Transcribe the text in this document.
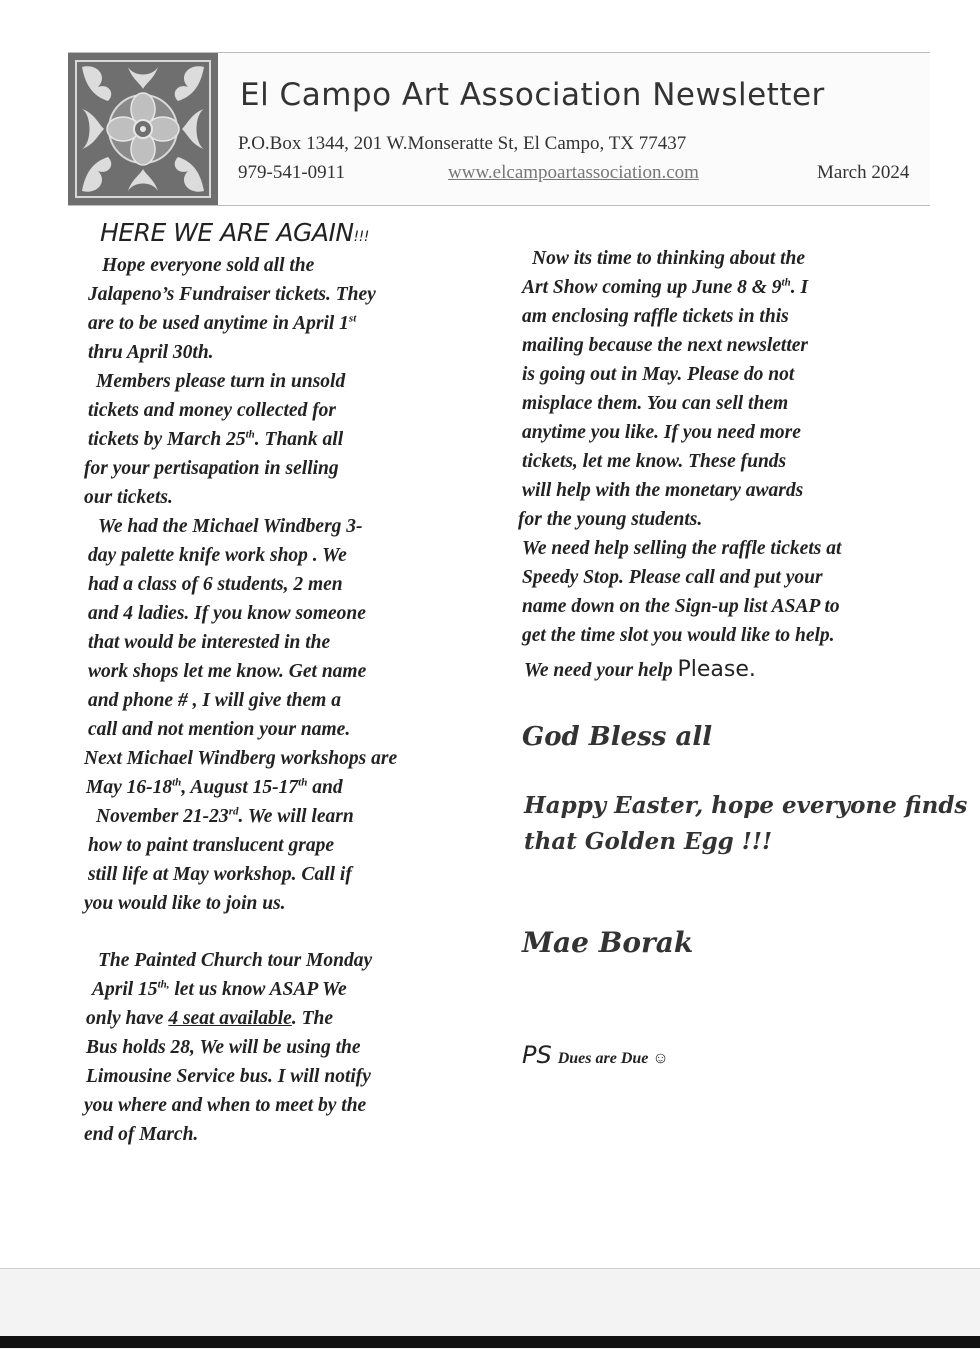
El Campo Art Association Newsletter
P.O.Box 1344, 201 W.Monseratte St, El Campo, TX 77437
979-541-0911	www.elcampoartassociation.com	March 2024
HERE WE ARE AGAIN!!!
Hope everyone sold all the
Jalapeno’s Fundraiser tickets. They
are to be used anytime in April 1st
thru April 30th.
Members please turn in unsold
tickets and money collected for
tickets by March 25th. Thank all
for your pertisapation in selling
our tickets.
We had the Michael Windberg 3-
day palette knife work shop . We
had a class of 6 students, 2 men
and 4 ladies. If you know someone
that would be interested in the
work shops let me know. Get name
and phone # , I will give them a
call and not mention your name.
Next Michael Windberg workshops are
May 16-18th, August 15-17th and
November 21-23rd. We will learn
how to paint translucent grape
still life at May workshop. Call if
you would like to join us.
The Painted Church tour Monday
April $15^{th,}$ let us know ASAP We
only have 4 seat available. The
Bus holds 28, We will be using the
Limousine Service bus. I will notify
you where and when to meet by the
end of March.
Now its time to thinking about the
Art Show coming up June 8 & 9th. I
am enclosing raffle tickets in this
mailing because the next newsletter
is going out in May. Please do not
misplace them. You can sell them
anytime you like. If you need more
tickets, let me know. These funds
will help with the monetary awards
for the young students.
We need help selling the raffle tickets at
Speedy Stop. Please call and put your
name down on the Sign-up list ASAP to
get the time slot you would like to help.
We need your help Please.
God Bless all
Happy Easter, hope everyone finds
that Golden Egg !!!
Mae Borak
PS Dues are Due ☺
